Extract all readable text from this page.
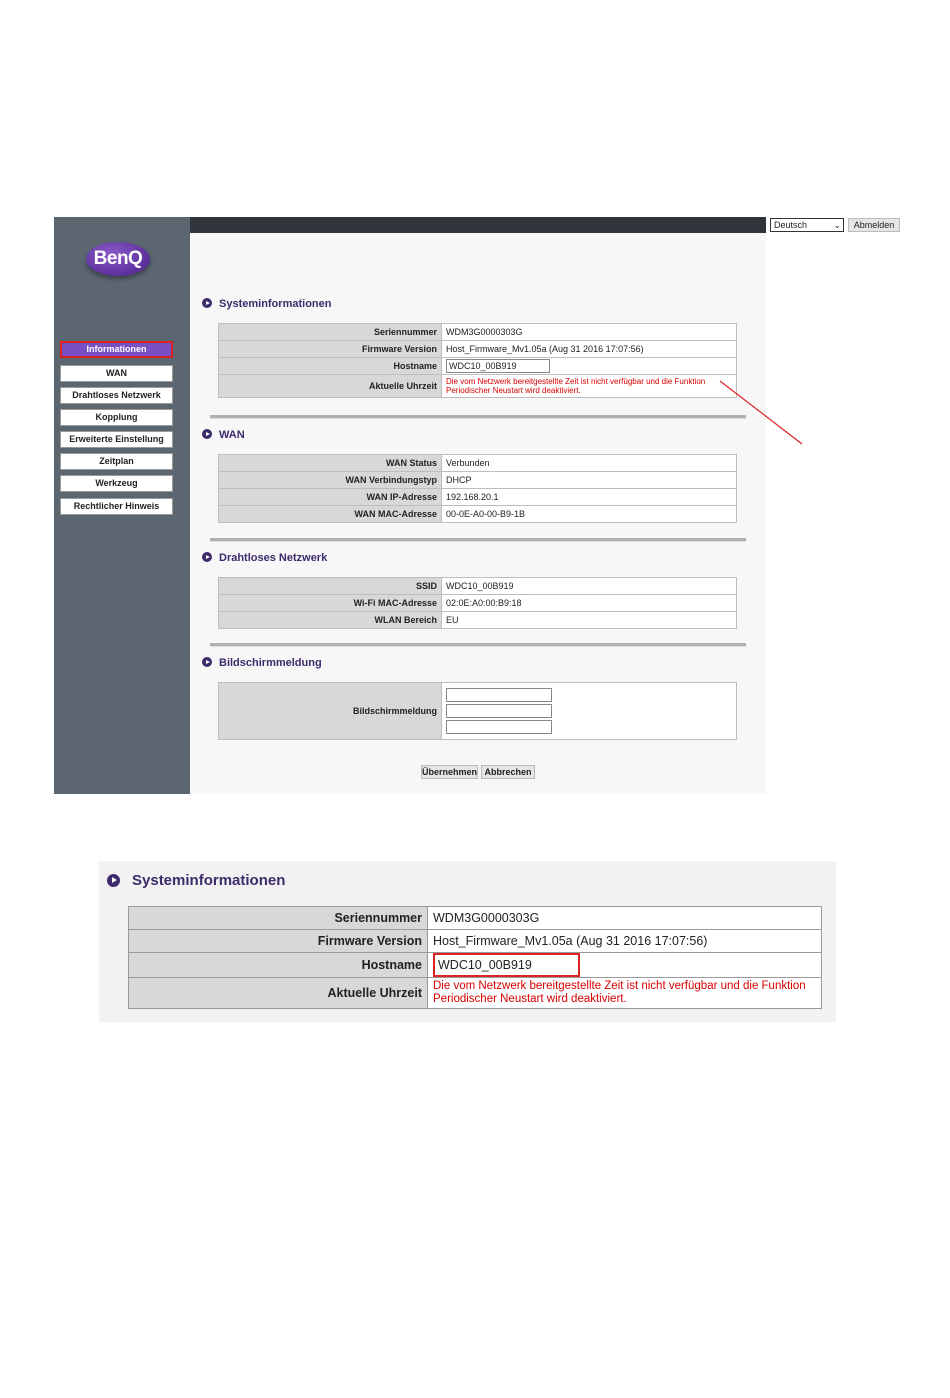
BenQ
Informationen
WAN
Drahtloses Netzwerk
Kopplung
Erweiterte Einstellung
Zeitplan
Werkzeug
Rechtlicher Hinweis
Deutsch	⌄	Abmelden
Systeminformationen
Seriennummer	WDM3G0000303G
Firmware Version	Host_Firmware_Mv1.05a (Aug 31 2016 17:07:56)
Hostname	WDC10_00B919
Aktuelle Uhrzeit	Die vom Netzwerk bereitgestellte Zeit ist nicht verfügbar und die Funktion Periodischer Neustart wird deaktiviert.
WAN
WAN Status	Verbunden
WAN Verbindungstyp	DHCP
WAN IP-Adresse	192.168.20.1
WAN MAC-Adresse	00-0E-A0-00-B9-1B
Drahtloses Netzwerk
SSID	WDC10_00B919
Wi-Fi MAC-Adresse	02:0E:A0:00:B9:18
WLAN Bereich	EU
Bildschirmmeldung
Bildschirmmeldung	
Übernehmen Abbrechen
Systeminformationen
Seriennummer	WDM3G0000303G
Firmware Version	Host_Firmware_Mv1.05a (Aug 31 2016 17:07:56)
Hostname	WDC10_00B919
Aktuelle Uhrzeit	Die vom Netzwerk bereitgestellte Zeit ist nicht verfügbar und die Funktion Periodischer Neustart wird deaktiviert.
